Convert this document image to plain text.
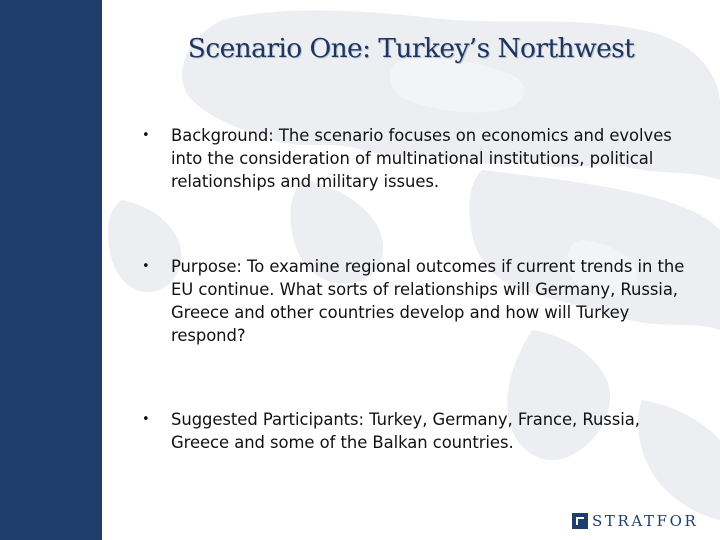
Scenario One: Turkey’s Northwest
• Background: The scenario focuses on economics and evolves into the consideration of multinational institutions, political relationships and military issues.
• Purpose: To examine regional outcomes if current trends in the EU continue. What sorts of relationships will Germany, Russia, Greece and other countries develop and how will Turkey respond?
• Suggested Participants: Turkey, Germany, France, Russia, Greece and some of the Balkan countries.
STRATFOR
